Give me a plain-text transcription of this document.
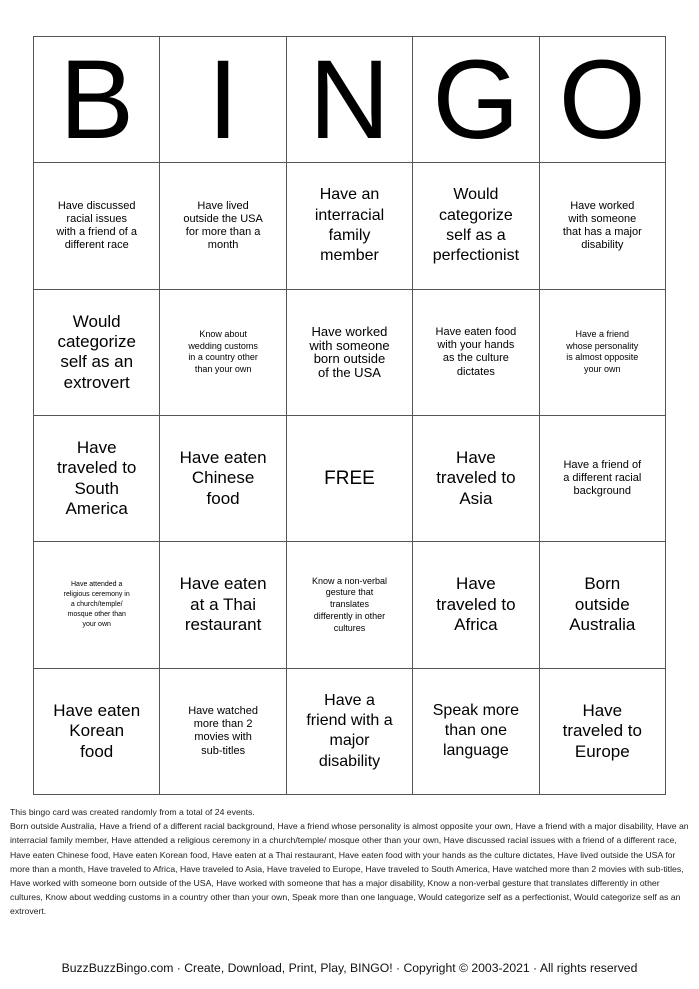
B I N G O
Have discussed racial issues with a friend of a different race
Have lived outside the USA for more than a month
Have an interracial family member
Would categorize self as a perfectionist
Have worked with someone that has a major disability
Would categorize self as an extrovert
Know about wedding customs in a country other than your own
Have worked with someone born outside of the USA
Have eaten food with your hands as the culture dictates
Have a friend whose personality is almost opposite your own
Have traveled to South America
Have eaten Chinese food
FREE
Have traveled to Asia
Have a friend of a different racial background
Have attended a religious ceremony in a church/temple/ mosque other than your own
Have eaten at a Thai restaurant
Know a non-verbal gesture that translates differently in other cultures
Have traveled to Africa
Born outside Australia
Have eaten Korean food
Have watched more than 2 movies with sub-titles
Have a friend with a major disability
Speak more than one language
Have traveled to Europe

This bingo card was created randomly from a total of 24 events.

Born outside Australia, Have a friend of a different racial background, Have a friend whose personality is almost opposite your own, Have a friend with a major disability, Have an interracial family member, Have attended a religious ceremony in a church/temple/ mosque other than your own, Have discussed racial issues with a friend of a different race, Have eaten Chinese food, Have eaten Korean food, Have eaten at a Thai restaurant, Have eaten food with your hands as the culture dictates, Have lived outside the USA for more than a month, Have traveled to Africa, Have traveled to Asia, Have traveled to Europe, Have traveled to South America, Have watched more than 2 movies with sub-titles, Have worked with someone born outside of the USA, Have worked with someone that has a major disability, Know a non-verbal gesture that translates differently in other cultures, Know about wedding customs in a country other than your own, Speak more than one language, Would categorize self as a perfectionist, Would categorize self as an extrovert.

BuzzBuzzBingo.com · Create, Download, Print, Play, BINGO! · Copyright © 2003-2021 · All rights reserved
